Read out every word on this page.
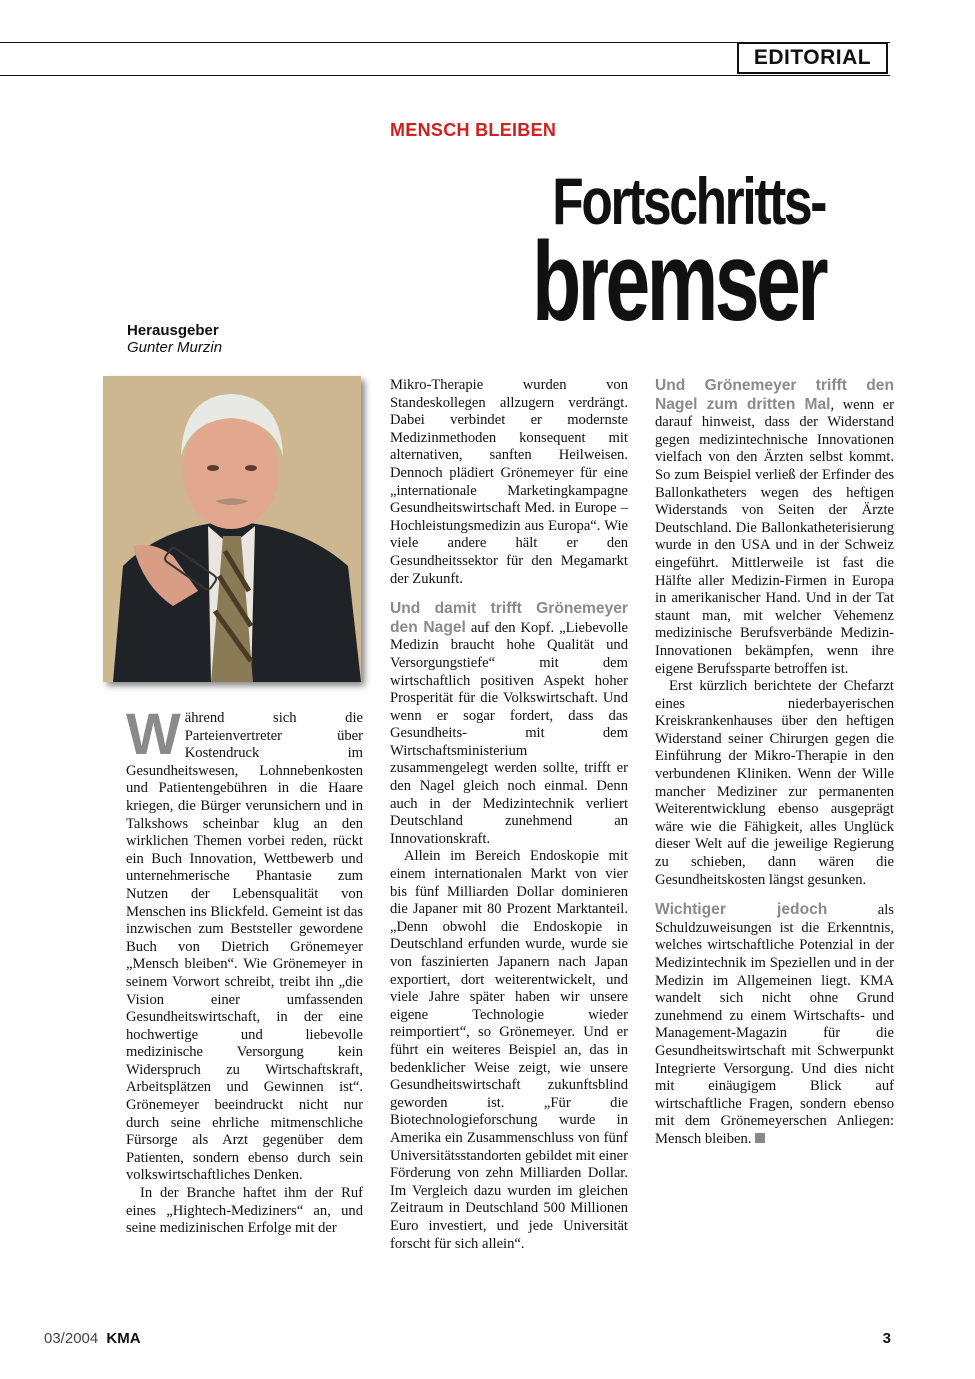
EDITORIAL
MENSCH BLEIBEN
Fortschritts-
bremser
Herausgeber
Gunter Murzin

W ährend sich die Parteienvertreter über Kostendruck im Gesundheitswesen, Lohnnebenkosten und Patientengebühren in die Haare kriegen, die Bürger verunsichern und in Talkshows scheinbar klug an den wirklichen Themen vorbei reden, rückt ein Buch Innovation, Wettbewerb und unternehmerische Phantasie zum Nutzen der Lebensqualität von Menschen ins Blickfeld. Gemeint ist das inzwischen zum Beststeller gewordene Buch von Dietrich Grönemeyer „Mensch bleiben“. Wie Grönemeyer in seinem Vorwort schreibt, treibt ihn „die Vision einer umfassenden Gesundheitswirtschaft, in der eine hochwertige und liebevolle medizinische Versorgung kein Widerspruch zu Wirtschaftskraft, Arbeitsplätzen und Gewinnen ist“. Grönemeyer beeindruckt nicht nur durch seine ehrliche mitmenschliche Fürsorge als Arzt gegenüber dem Patienten, sondern ebenso durch sein volkswirtschaftliches Denken.

In der Branche haftet ihm der Ruf eines „Hightech-Mediziners“ an, und seine medizinischen Erfolge mit der

Mikro-Therapie wurden von Standeskollegen allzugern verdrängt. Dabei verbindet er modernste Medizinmethoden konsequent mit alternativen, sanften Heilweisen. Dennoch plädiert Grönemeyer für eine „internationale Marketingkampagne Gesundheitswirtschaft Med. in Europe – Hochleistungsmedizin aus Europa“. Wie viele andere hält er den Gesundheitssektor für den Megamarkt der Zukunft.

Und damit trifft Grönemeyer den Nagel auf den Kopf. „Liebevolle Medizin braucht hohe Qualität und Versorgungstiefe“ mit dem wirtschaftlich positiven Aspekt hoher Prosperität für die Volkswirtschaft. Und wenn er sogar fordert, dass das Gesundheits- mit dem Wirtschaftsministerium zusammengelegt werden sollte, trifft er den Nagel gleich noch einmal. Denn auch in der Medizintechnik verliert Deutschland zunehmend an Innovationskraft.

Allein im Bereich Endoskopie mit einem internationalen Markt von vier bis fünf Milliarden Dollar dominieren die Japaner mit 80 Prozent Marktanteil. „Denn obwohl die Endoskopie in Deutschland erfunden wurde, wurde sie von faszinierten Japanern nach Japan exportiert, dort weiterentwickelt, und viele Jahre später haben wir unsere eigene Technologie wieder reimportiert“, so Grönemeyer. Und er führt ein weiteres Beispiel an, das in bedenklicher Weise zeigt, wie unsere Gesundheitswirtschaft zukunftsblind geworden ist. „Für die Biotechnologieforschung wurde in Amerika ein Zusammenschluss von fünf Universitätsstandorten gebildet mit einer Förderung von zehn Milliarden Dollar. Im Vergleich dazu wurden im gleichen Zeitraum in Deutschland 500 Millionen Euro investiert, und jede Universität forscht für sich allein“.

Und Grönemeyer trifft den Nagel zum dritten Mal, wenn er darauf hinweist, dass der Widerstand gegen medizintechnische Innovationen vielfach von den Ärzten selbst kommt. So zum Beispiel verließ der Erfinder des Ballonkatheters wegen des heftigen Widerstands von Seiten der Ärzte Deutschland. Die Ballonkatheterisierung wurde in den USA und in der Schweiz eingeführt. Mittlerweile ist fast die Hälfte aller Medizin-Firmen in Europa in amerikanischer Hand. Und in der Tat staunt man, mit welcher Vehemenz medizinische Berufsverbände Medizin-Innovationen bekämpfen, wenn ihre eigene Berufssparte betroffen ist.

Erst kürzlich berichtete der Chefarzt eines niederbayerischen Kreiskrankenhauses über den heftigen Widerstand seiner Chirurgen gegen die Einführung der Mikro-Therapie in den verbundenen Kliniken. Wenn der Wille mancher Mediziner zur permanenten Weiterentwicklung ebenso ausgeprägt wäre wie die Fähigkeit, alles Unglück dieser Welt auf die jeweilige Regierung zu schieben, dann wären die Gesundheitskosten längst gesunken.

Wichtiger jedoch als Schuldzuweisungen ist die Erkenntnis, welches wirtschaftliche Potenzial in der Medizintechnik im Speziellen und in der Medizin im Allgemeinen liegt. KMA wandelt sich nicht ohne Grund zunehmend zu einem Wirtschafts- und Management-Magazin für die Gesundheitswirtschaft mit Schwerpunkt Integrierte Versorgung. Und dies nicht mit einäugigem Blick auf wirtschaftliche Fragen, sondern ebenso mit dem Grönemeyerschen Anliegen: Mensch bleiben.

03/2004 KMA	3
